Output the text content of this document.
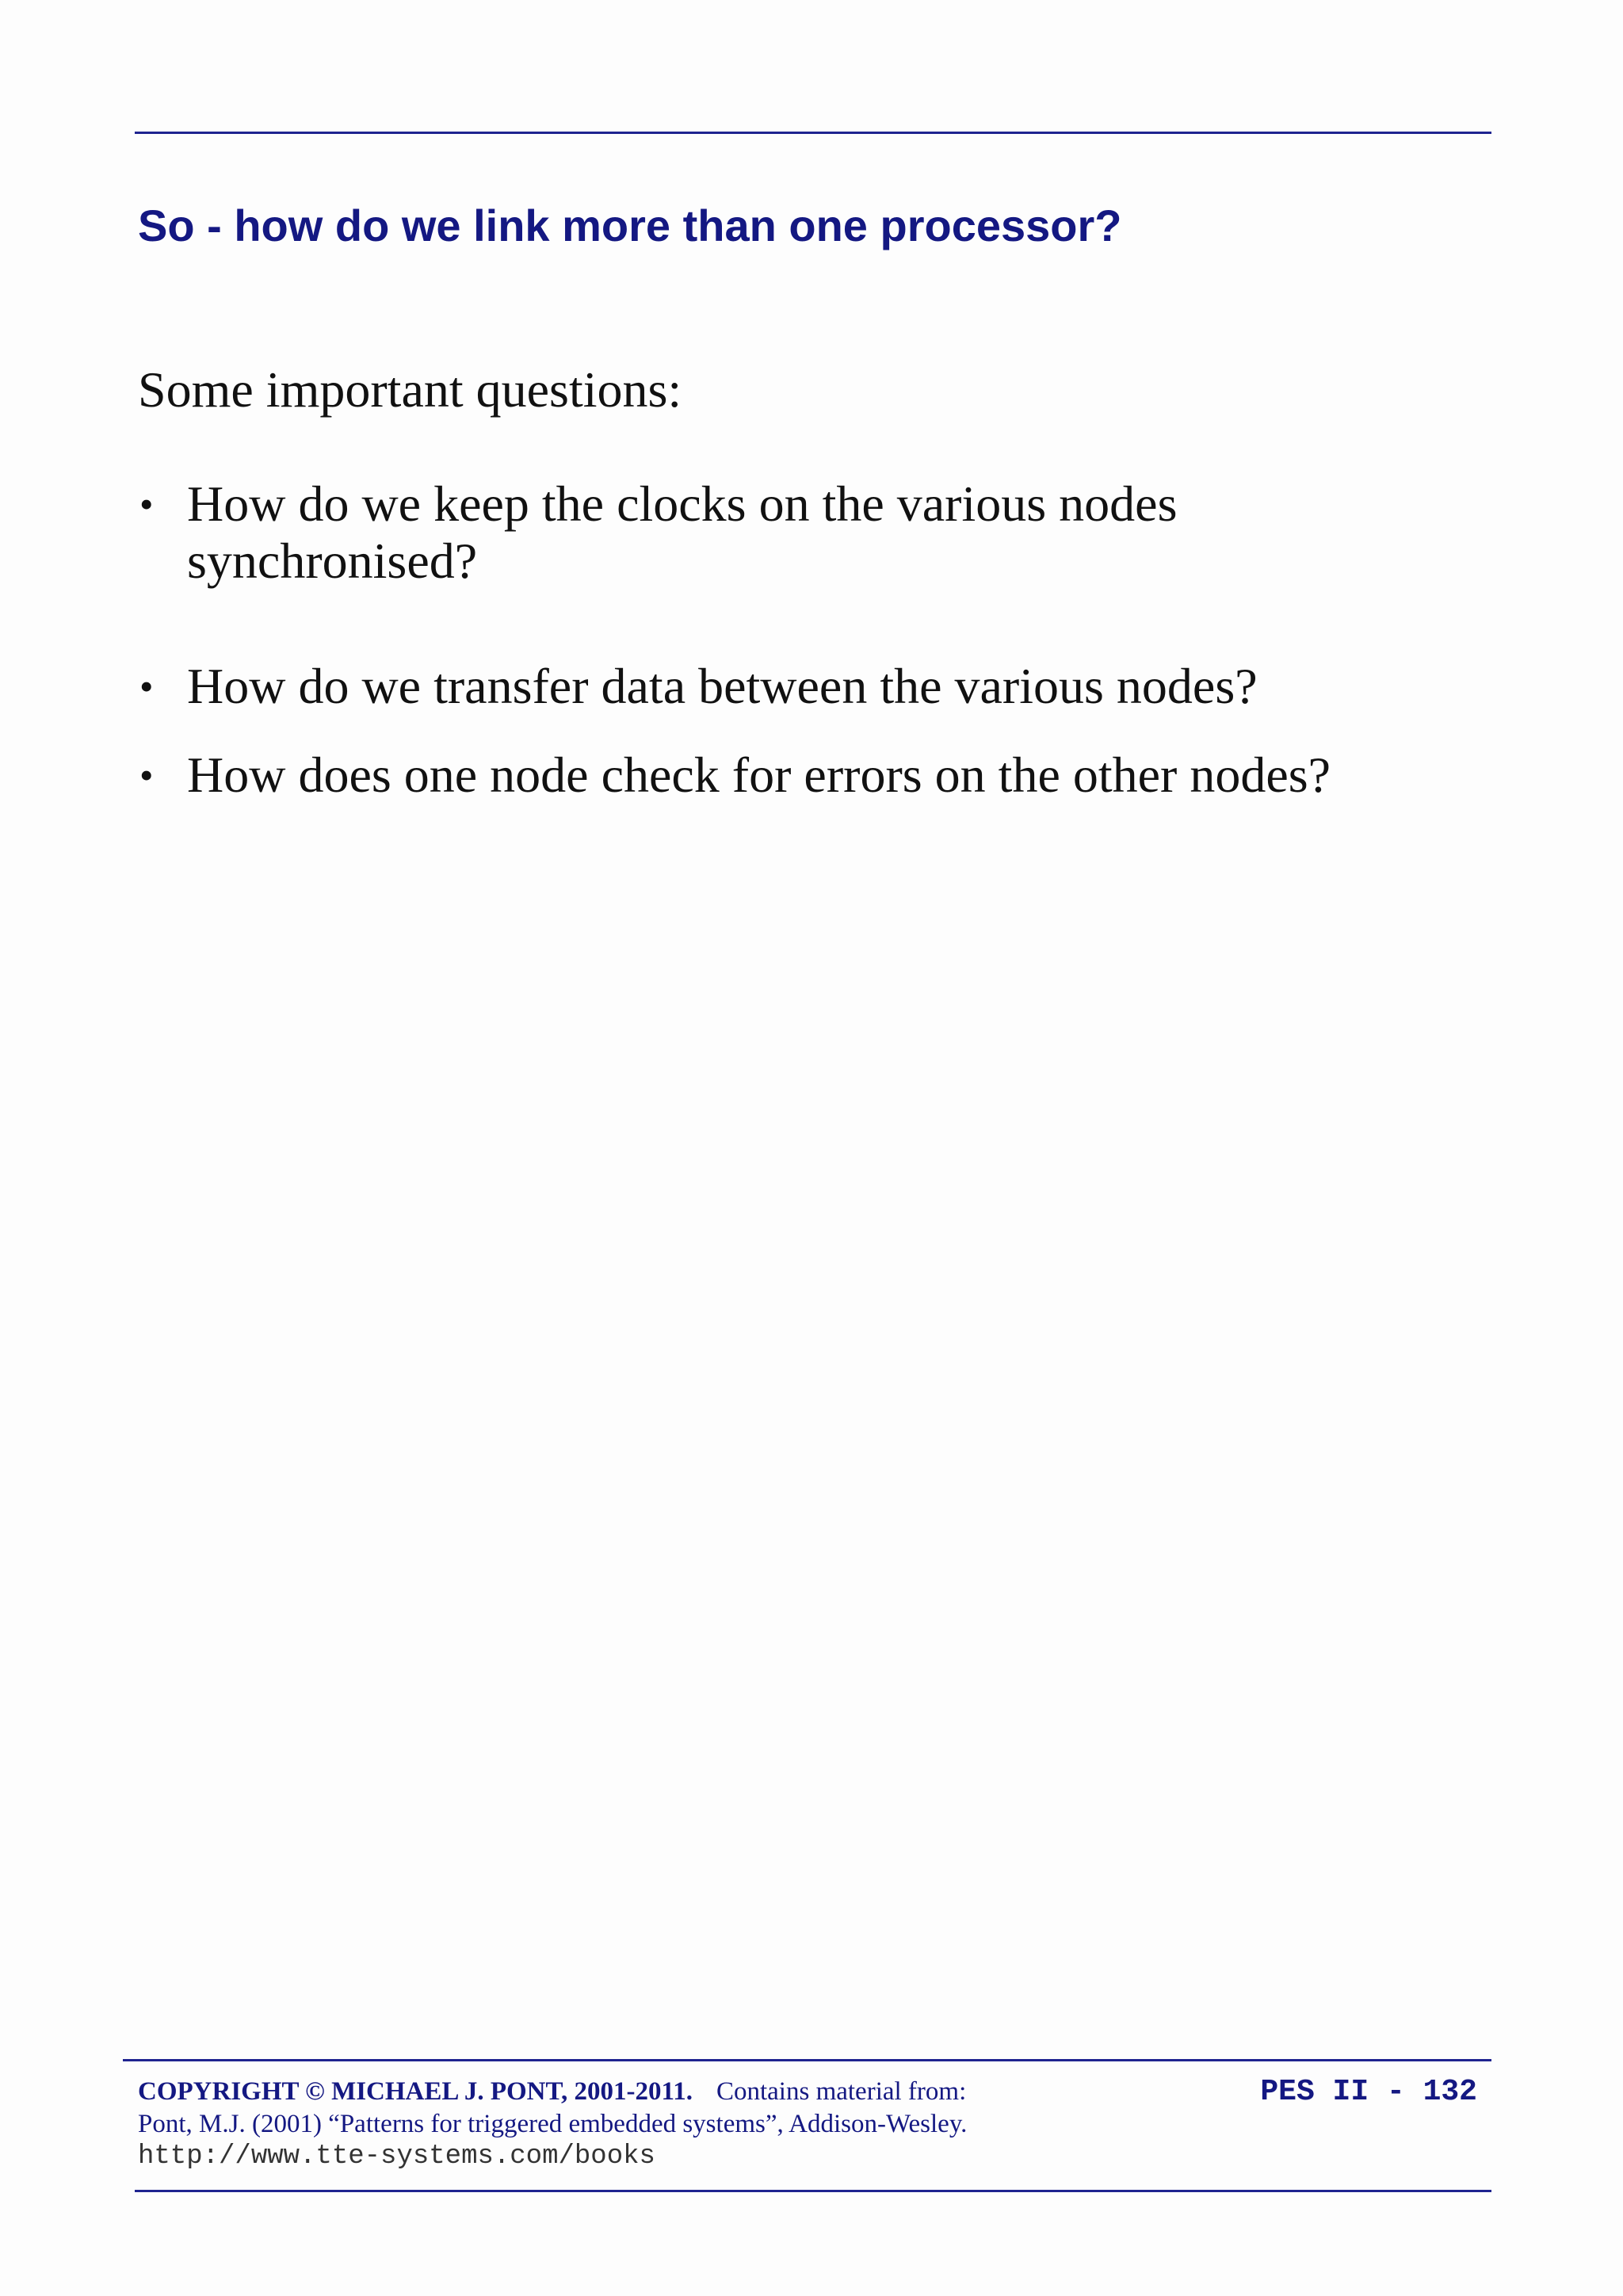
So - how do we link more than one processor?

Some important questions:

• How do we keep the clocks on the various nodes synchronised?
• How do we transfer data between the various nodes?
• How does one node check for errors on the other nodes?
COPYRIGHT © MICHAEL J. PONT, 2001-2011. Contains material from:
Pont, M.J. (2001) “Patterns for triggered embedded systems”, Addison-Wesley.
http://www.tte-systems.com/books
PES II - 132
